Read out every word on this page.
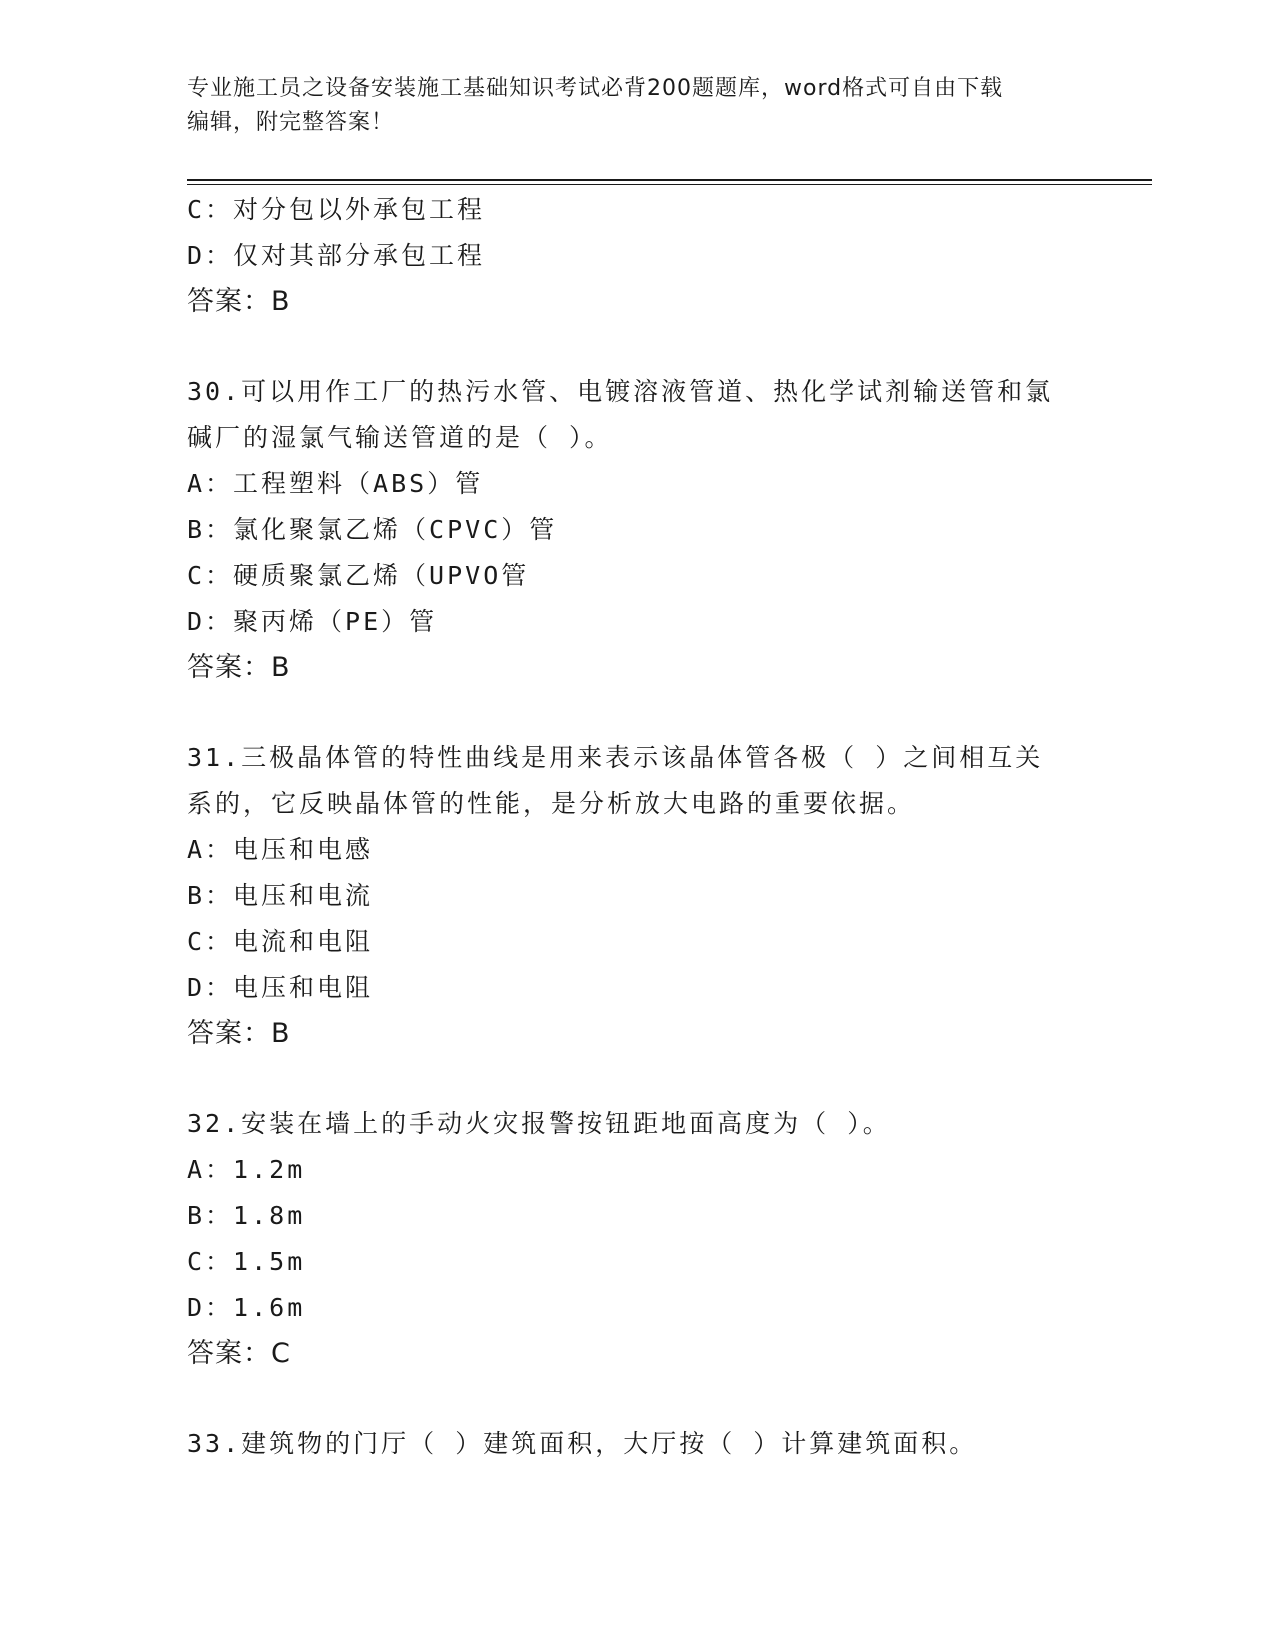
专业施工员之设备安装施工基础知识考试必背200题题库，word格式可自由下载
编辑，附完整答案！
C：对分包以外承包工程
D：仅对其部分承包工程
答案：B
30.可以用作工厂的热污水管、电镀溶液管道、热化学试剂输送管和氯
碱厂的湿氯气输送管道的是（ ）。
A：工程塑料（ABS）管
B：氯化聚氯乙烯（CPVC）管
C：硬质聚氯乙烯（UPVO管
D：聚丙烯（PE）管
答案：B
31.三极晶体管的特性曲线是用来表示该晶体管各极（ ）之间相互关
系的，它反映晶体管的性能，是分析放大电路的重要依据。
A：电压和电感
B：电压和电流
C：电流和电阻
D：电压和电阻
答案：B
32.安装在墙上的手动火灾报警按钮距地面高度为（ ）。
A：1.2m
B：1.8m
C：1.5m
D：1.6m
答案：C
33.建筑物的门厅（ ）建筑面积，大厅按（ ）计算建筑面积。
